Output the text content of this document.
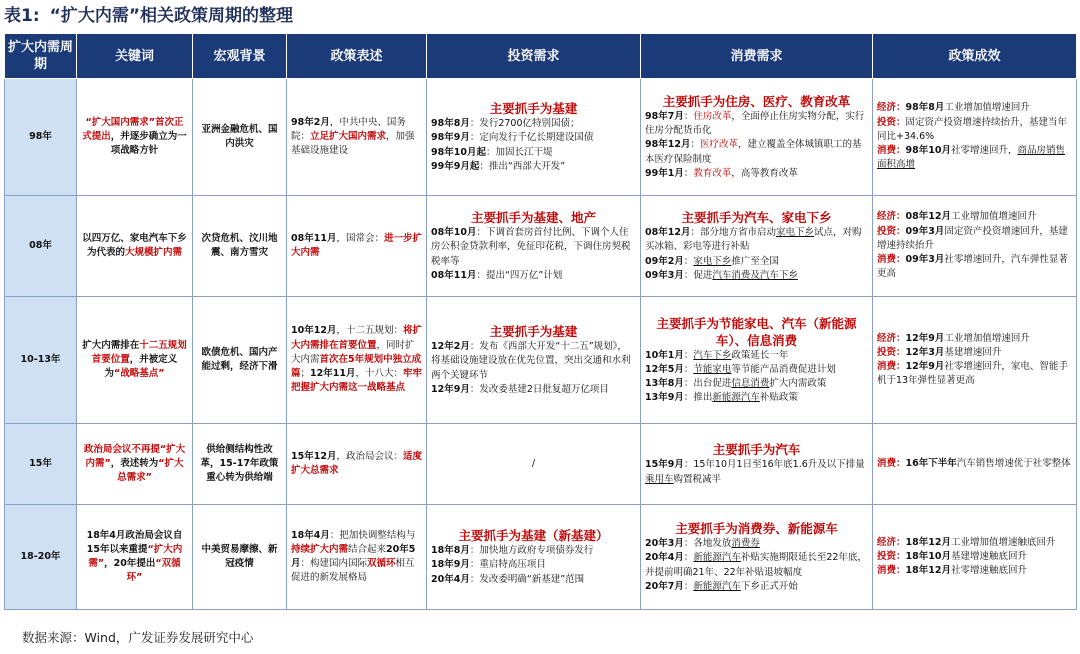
表1: “扩大内需”相关政策周期的整理
扩大内需周期	关键词	宏观背景	政策表述	投资需求	消费需求	政策成效
98年	“扩大国内需求”首次正式提出，并逐步确立为一项战略方针	亚洲金融危机、国内洪灾	98年2月，中共中央、国务院：立足扩大国内需求，加强基础设施建设	主要抓手为基建
98年8月：发行2700亿特别国债；
98年9月：定向发行千亿长期建设国债
98年10月起：加固长江干堤
99年9月起：推出“西部大开发”	主要抓手为住房、医疗、教育改革
98年7月：住房改革，全面停止住房实物分配，实行住房分配货币化
98年12月：医疗改革，建立覆盖全体城镇职工的基本医疗保险制度
99年1月：教育改革，高等教育改革	经济：98年8月工业增加值增速回升
投资：固定资产投资增速持续抬升，基建当年同比+34.6%
消费：98年10月社零增速回升，商品房销售面积高增

08年	以四万亿、家电汽车下乡为代表的大规模扩内需	次贷危机、汶川地震、南方雪灾	08年11月，国常会：进一步扩大内需	主要抓手为基建、地产
08年10月：下调首套房首付比例、下调个人住房公积金贷款利率，免征印花税，下调住房契税税率等
08年11月：提出“四万亿”计划	主要抓手为汽车、家电下乡
08年12月：部分地方省市启动家电下乡试点，对购买冰箱、彩电等进行补贴
09年2月：家电下乡推广至全国
09年3月：促进汽车消费及汽车下乡	经济：08年12月工业增加值增速回升
投资：09年3月固定资产投资增速回升，基建增速持续抬升
消费：09年3月社零增速回升，汽车弹性显著更高

10-13年	扩大内需排在十二五规划首要位置，并被定义为“战略基点”	欧债危机、国内产能过剩，经济下滑	10年12月，十二五规划：将扩大内需排在首要位置，同时扩大内需首次在5年规划中独立成篇；12年11月，十八大：牢牢把握扩大内需这一战略基点	主要抓手为基建
12年2月：发布《西部大开发“十二五”规划》，将基础设施建设放在优先位置，突出交通和水利两个关键环节
12年9月：发改委基建2日批复超万亿项目	主要抓手为节能家电、汽车（新能源车）、信息消费
10年1月：汽车下乡政策延长一年
12年5月：节能家电等节能产品消费促进计划
13年8月：出台促进信息消费扩大内需政策
13年9月：推出新能源汽车补贴政策	经济：12年9月工业增加值增速回升
投资：12年3月基建增速回升
消费：12年9月社零增速回升，家电、智能手机于13年弹性显著更高

15年	政治局会议不再提“扩大内需”，表述转为“扩大总需求”	供给侧结构性改革，15-17年政策重心转为供给端	15年12月，政治局会议：适度扩大总需求	/	主要抓手为汽车
15年9月：15年10月1日至16年底1.6升及以下排量乘用车购置税减半	消费：16年下半年汽车销售增速优于社零整体

18-20年	18年4月政治局会议自15年以来重提“扩大内需”，20年提出“双循环”	中美贸易摩擦、新冠疫情	18年4月：把加快调整结构与持续扩大内需结合起来20年5月：构建国内国际双循环相互促进的新发展格局	主要抓手为基建（新基建）
18年8月：加快地方政府专项债券发行
18年9月：重启特高压项目
20年4月：发改委明确“新基建”范围	主要抓手为消费券、新能源车
20年3月：各地发放消费券
20年4月：新能源汽车补贴实施期限延长至22年底，并提前明确21年、22年补贴退坡幅度
20年7月：新能源汽车下乡正式开始	经济：18年12月工业增加值增速触底回升
投资：18年10月基建增速触底回升
消费：18年12月社零增速触底回升
数据来源：Wind，广发证券发展研究中心
